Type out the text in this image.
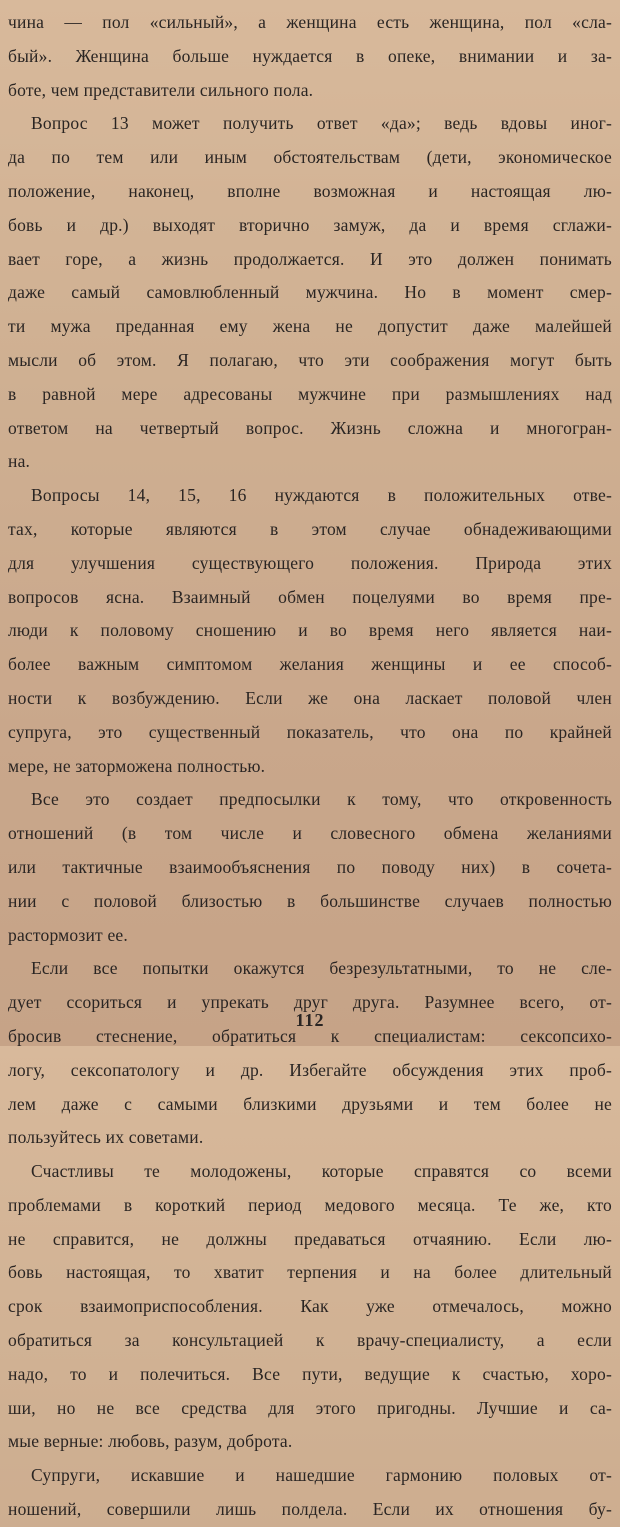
чина — пол «сильный», а женщина есть женщина, пол «сла-
бый». Женщина больше нуждается в опеке, внимании и за-
боте, чем представители сильного пола.
Вопрос 13 может получить ответ «да»; ведь вдовы иног-
да по тем или иным обстоятельствам (дети, экономическое
положение, наконец, вполне возможная и настоящая лю-
бовь и др.) выходят вторично замуж, да и время сглажи-
вает горе, а жизнь продолжается. И это должен понимать
даже самый самовлюбленный мужчина. Но в момент смер-
ти мужа преданная ему жена не допустит даже малейшей
мысли об этом. Я полагаю, что эти соображения могут быть
в равной мере адресованы мужчине при размышлениях над
ответом на четвертый вопрос. Жизнь сложна и многогран-
на.
Вопросы 14, 15, 16 нуждаются в положительных отве-
тах, которые являются в этом случае обнадеживающими
для улучшения существующего положения. Природа этих
вопросов ясна. Взаимный обмен поцелуями во время пре-
люди к половому сношению и во время него является наи-
более важным симптомом желания женщины и ее способ-
ности к возбуждению. Если же она ласкает половой член
супруга, это существенный показатель, что она по крайней
мере, не заторможена полностью.
Все это создает предпосылки к тому, что откровенность
отношений (в том числе и словесного обмена желаниями
или тактичные взаимообъяснения по поводу них) в сочета-
нии с половой близостью в большинстве случаев полностью
растормозит ее.
Если все попытки окажутся безрезультатными, то не сле-
дует ссориться и упрекать друг друга. Разумнее всего, от-
бросив стеснение, обратиться к специалистам: сексопсихо-
логу, сексопатологу и др. Избегайте обсуждения этих проб-
лем даже с самыми близкими друзьями и тем более не
пользуйтесь их советами.
Счастливы те молодожены, которые справятся со всеми
проблемами в короткий период медового месяца. Те же, кто
не справится, не должны предаваться отчаянию. Если лю-
бовь настоящая, то хватит терпения и на более длительный
срок взаимоприспособления. Как уже отмечалось, можно
обратиться за консультацией к врачу-специалисту, а если
надо, то и полечиться. Все пути, ведущие к счастью, хоро-
ши, но не все средства для этого пригодны. Лучшие и са-
мые верные: любовь, разум, доброта.
Супруги, искавшие и нашедшие гармонию половых от-
ношений, совершили лишь полдела. Если их отношения бу-
112
